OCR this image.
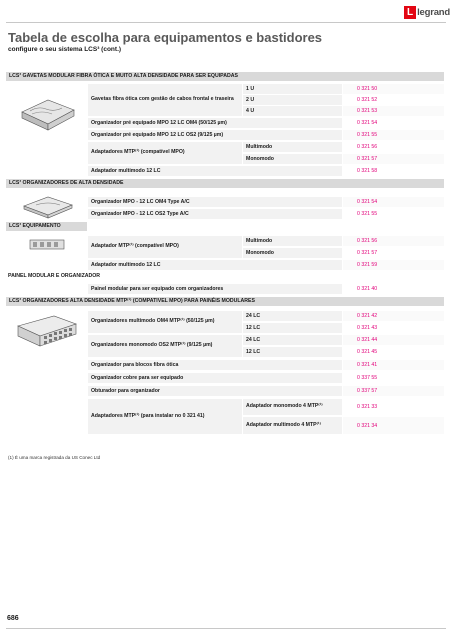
L legrand
Tabela de escolha para equipamentos e bastidores
configure o seu sistema LCS³ (cont.)
LCS³ GAVETAS MODULAR FIBRA ÓTICA E MUITO ALTA DENSIDADE PARA SER EQUIPADAS
Gavetas fibra ótica com gestão de cabos frontal e traseira
1 U	0 321 50
2 U	0 321 52
4 U	0 321 53
Organizador pré equipado MPO 12 LC OM4 (50/125 µm)	0 321 54
Organizador pré equipado MPO 12 LC OS2 (9/125 µm)	0 321 55
Adaptadores MTP⁽¹⁾ (compatível MPO)
Multimodo	0 321 56
Monomodo	0 321 57
Adaptador multimodo 12 LC	0 321 58
LCS³ ORGANIZADORES DE ALTA DENSIDADE
Organizador MPO - 12 LC OM4 Type A/C	0 321 54
Organizador MPO - 12 LC OS2 Type A/C	0 321 55
LCS³ EQUIPAMENTO
Adaptador MTP⁽¹⁾ (compatível MPO)
Multimodo	0 321 56
Monomodo	0 321 57
Adaptador multimodo 12 LC	0 321 59
PAINEL MODULAR E ORGANIZADOR
Painel modular para ser equipado com organizadores	0 321 40
LCS³ ORGANIZADORES ALTA DENSIDADE MTP⁽¹⁾ (COMPATIVEL MPO) PARA PAINÉIS MODULARES
Organizadores multimodo OM4 MTP⁽¹⁾ (50/125 µm)
24 LC	0 321 42
12 LC	0 321 43
Organizadores monomodo OS2 MTP⁽¹⁾ (9/125 µm)
24 LC	0 321 44
12 LC	0 321 45
Organizador para blocos fibra ótica	0 321 41
Organizador cobre para ser equipado	0 337 55
Obturador para organizador	0 337 57
Adaptadores MTP⁽¹⁾ (para instalar no 0 321 41)
Adaptador monomodo 4 MTP⁽¹⁾	0 321 33
Adaptador multimodo 4 MTP⁽¹⁾	0 321 34
(1) É uma marca registrada da US Conec Ltd
686
